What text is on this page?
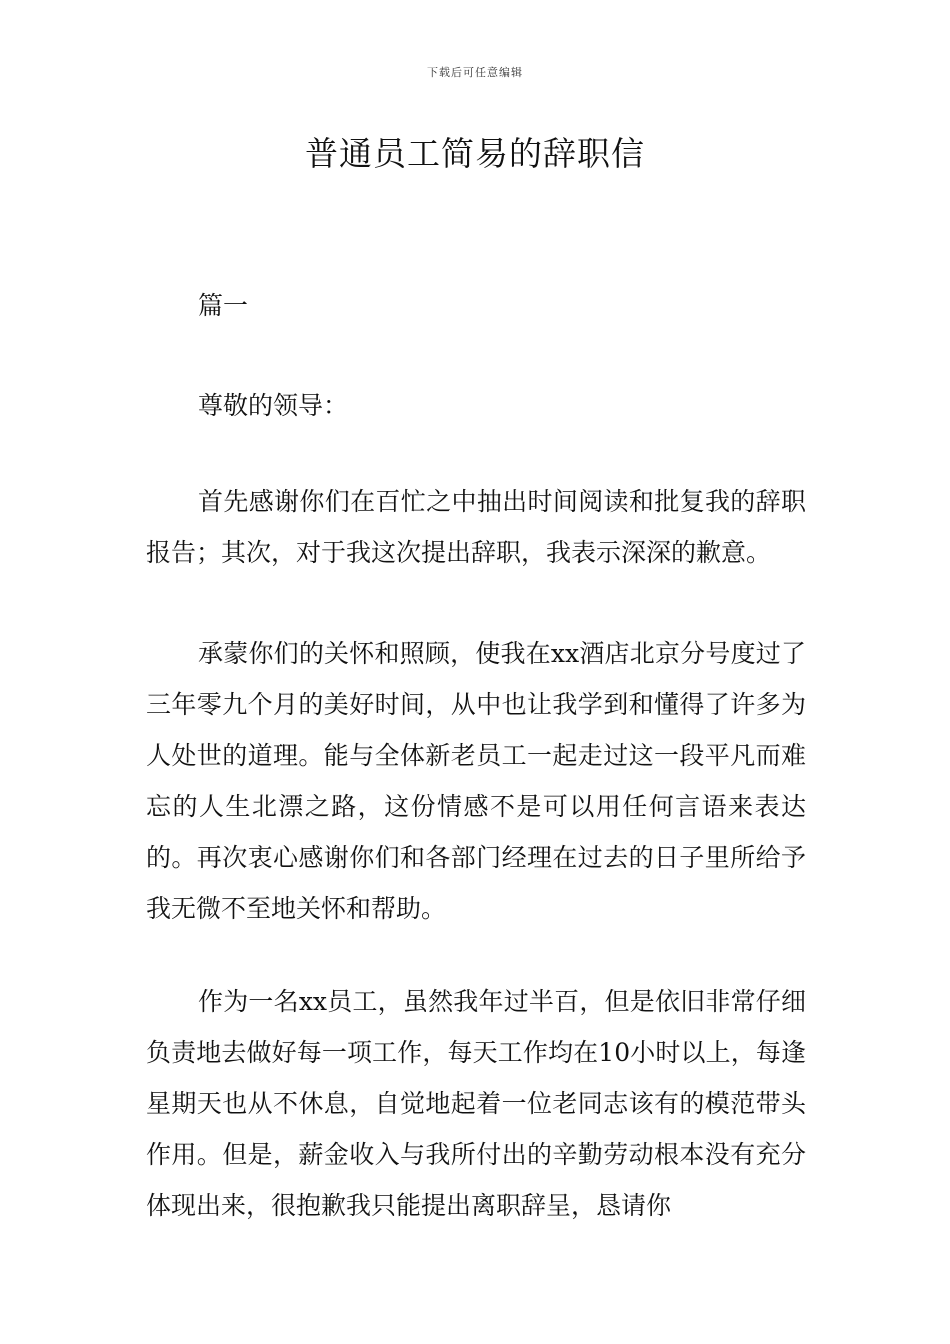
下载后可任意编辑
普通员工简易的辞职信

篇一

尊敬的领导：

首先感谢你们在百忙之中抽出时间阅读和批复我的辞职报告；其次，对于我这次提出辞职，我表示深深的歉意。

承蒙你们的关怀和照顾，使我在xx酒店北京分号度过了三年零九个月的美好时间，从中也让我学到和懂得了许多为人处世的道理。能与全体新老员工一起走过这一段平凡而难忘的人生北漂之路，这份情感不是可以用任何言语来表达的。再次衷心感谢你们和各部门经理在过去的日子里所给予我无微不至地关怀和帮助。

作为一名xx员工，虽然我年过半百，但是依旧非常仔细负责地去做好每一项工作，每天工作均在10小时以上，每逢星期天也从不休息，自觉地起着一位老同志该有的模范带头作用。但是，薪金收入与我所付出的辛勤劳动根本没有充分体现出来，很抱歉我只能提出离职辞呈，恳请你
